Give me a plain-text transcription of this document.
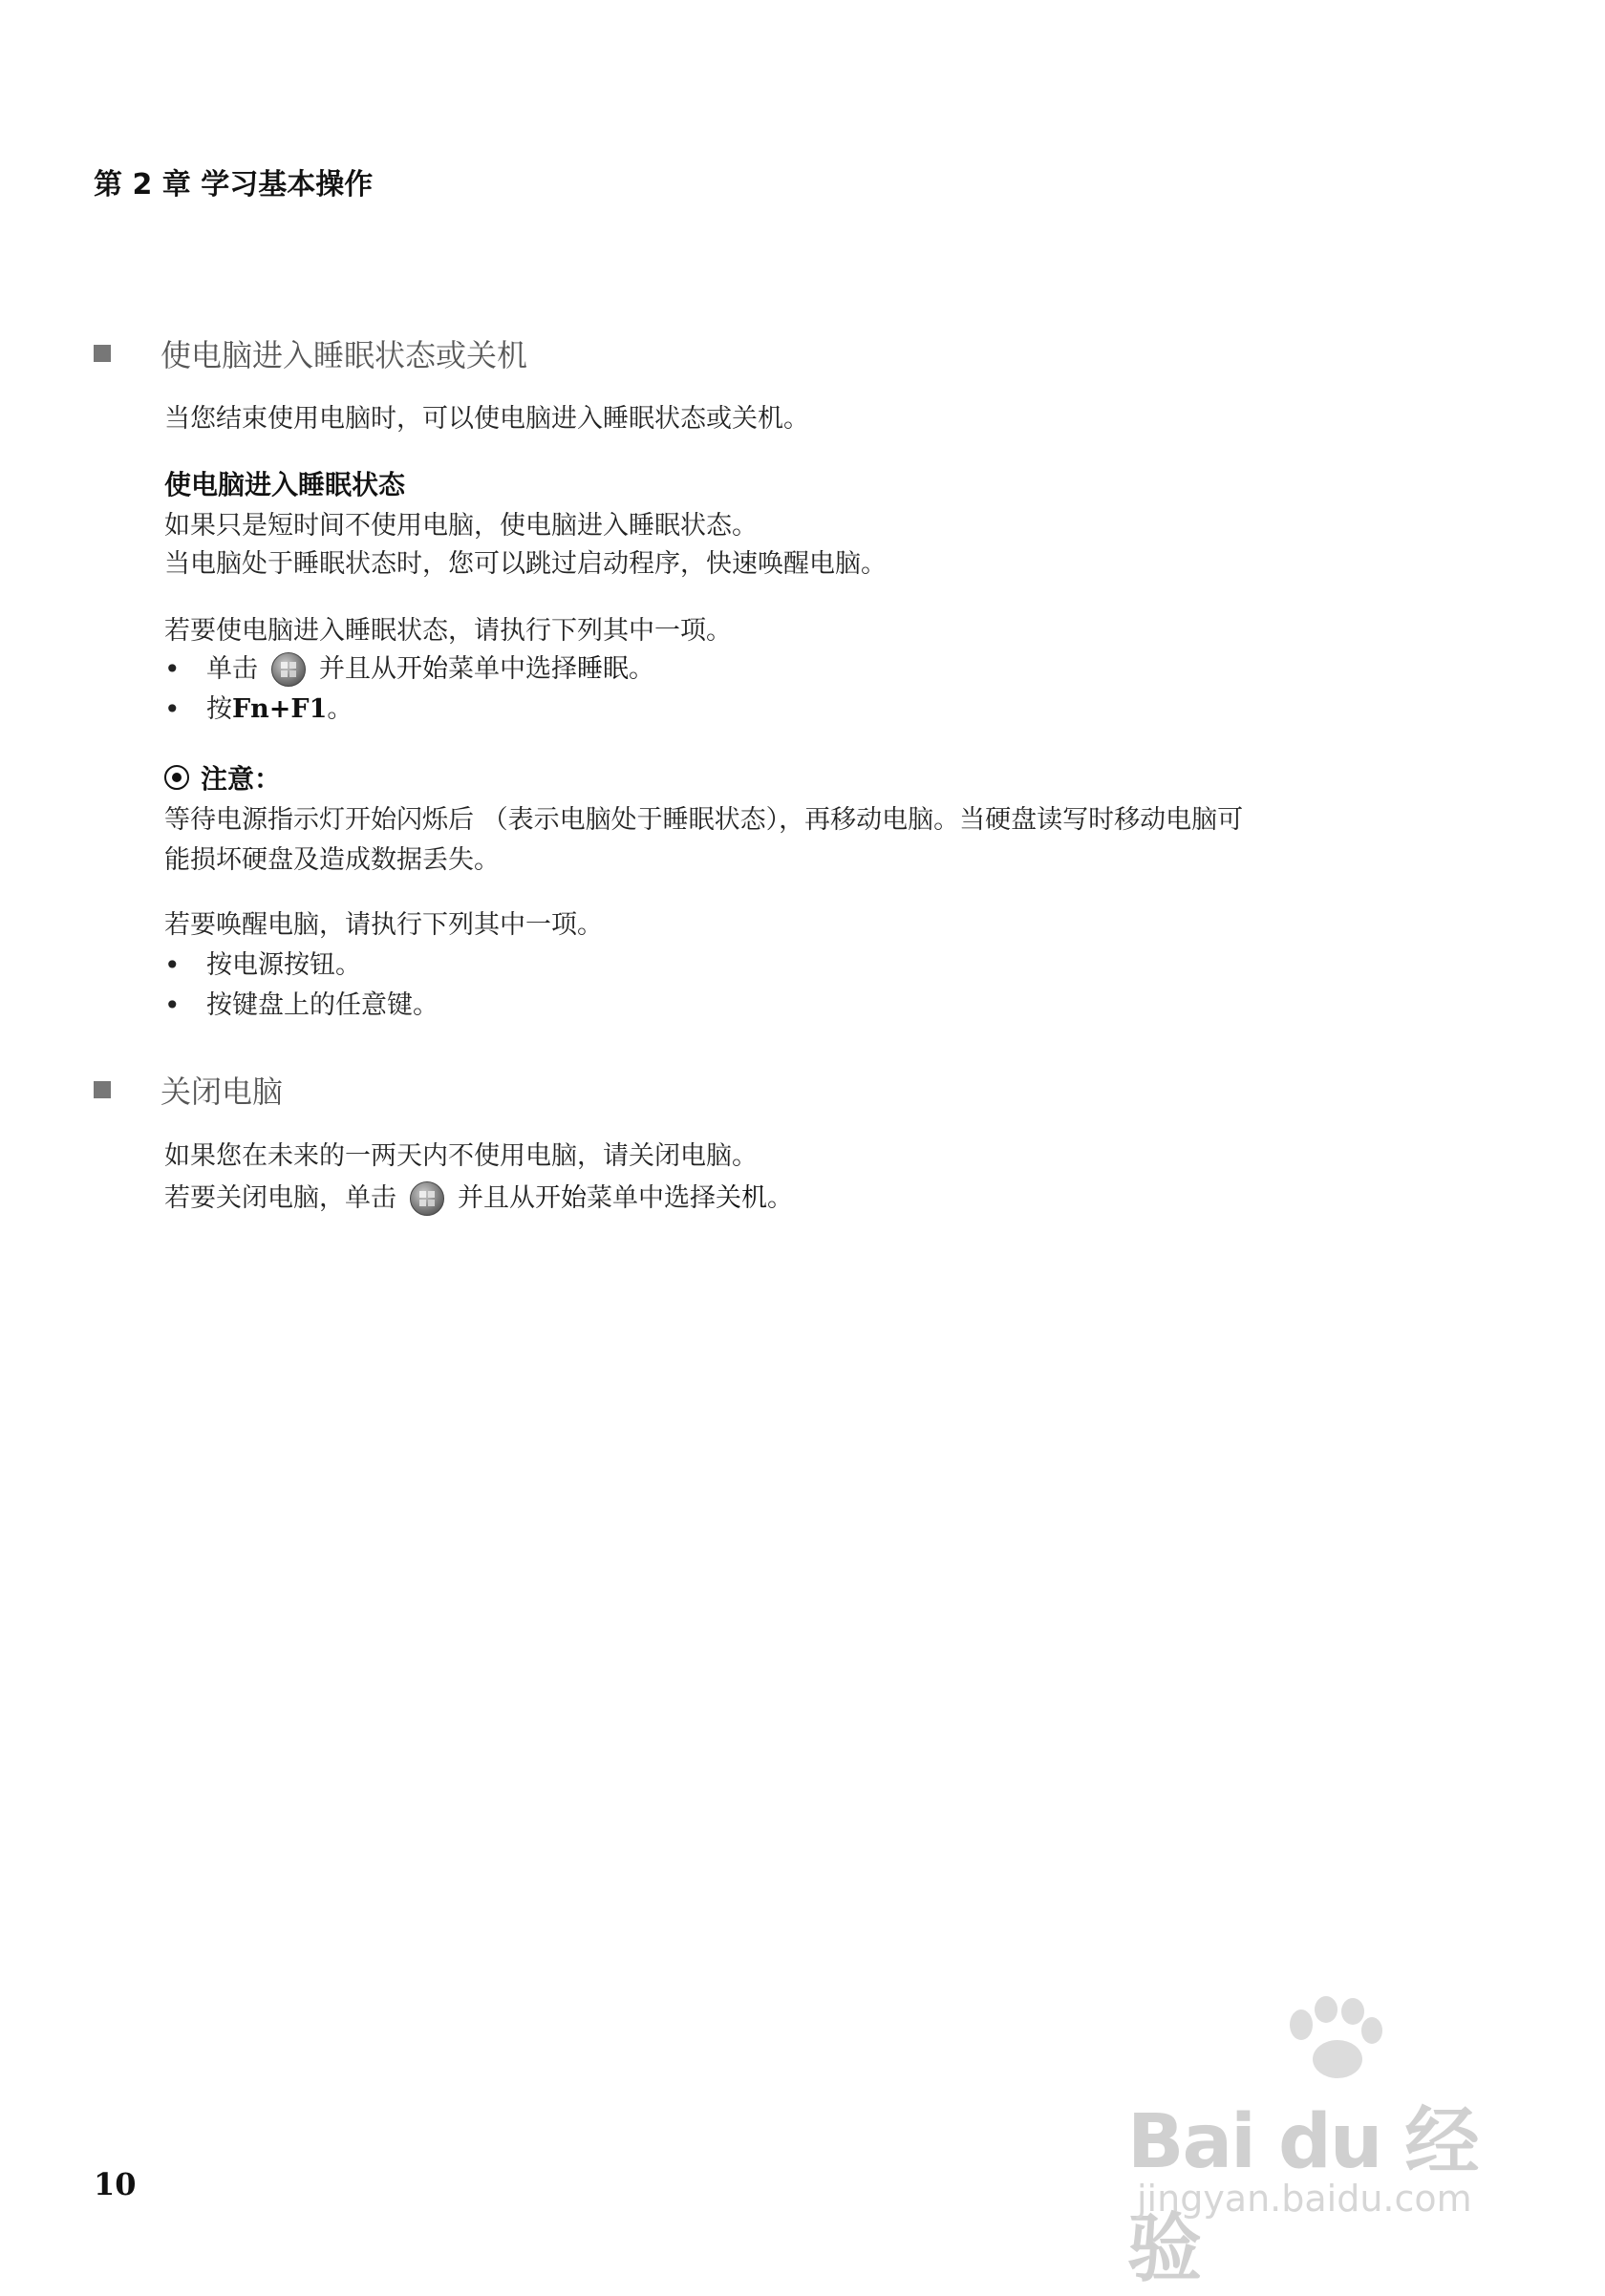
第 2 章 学习基本操作
使电脑进入睡眠状态或关机
当您结束使用电脑时，可以使电脑进入睡眠状态或关机。
使电脑进入睡眠状态
如果只是短时间不使用电脑，使电脑进入睡眠状态。
当电脑处于睡眠状态时，您可以跳过启动程序，快速唤醒电脑。
若要使电脑进入睡眠状态，请执行下列其中一项。
•	单击 并且从 开始 菜单中选择 睡眠 。
•	按 Fn+F1 。
注意：
等待电源指示灯开始闪烁后 （表示电脑处于睡眠状态），再移动电脑。当硬盘读写时移动电脑可
能损坏硬盘及造成数据丢失。
若要唤醒电脑，请执行下列其中一项。
•	按电源按钮。
•	按键盘上的任意键。
关闭电脑
如果您在未来的一两天内不使用电脑，请关闭电脑。
若要关闭电脑，单击 并且从 开始 菜单中选择 关机 。
10	Bai du 经验
jingyan.baidu.com
